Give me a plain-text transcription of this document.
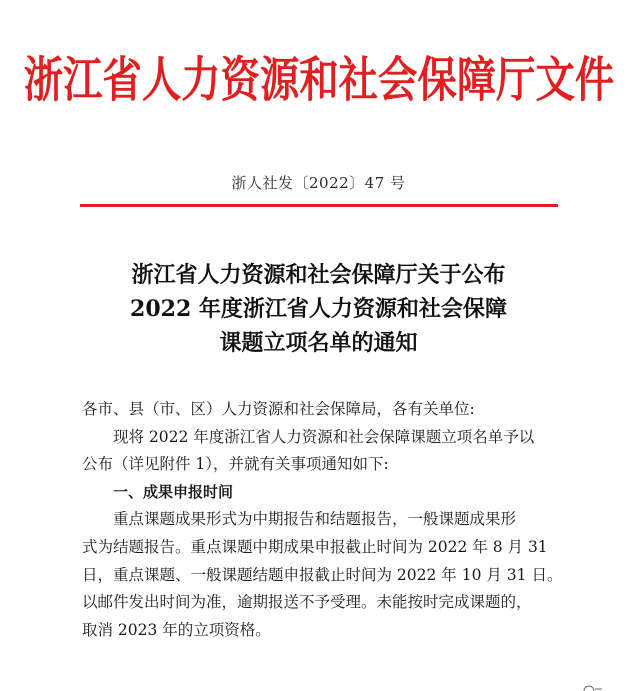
浙江省人力资源和社会保障厅文件
浙人社发〔2022〕47 号
浙江省人力资源和社会保障厅关于公布
2022 年度浙江省人力资源和社会保障
课题立项名单的通知
各市、县（市、区）人力资源和社会保障局，各有关单位:
现将 2022 年度浙江省人力资源和社会保障课题立项名单予以
公布（详见附件 1），并就有关事项通知如下:
一、成果申报时间
重点课题成果形式为中期报告和结题报告，一般课题成果形
式为结题报告。重点课题中期成果申报截止时间为 2022 年 8 月 31
日，重点课题、一般课题结题申报截止时间为 2022 年 10 月 31 日。
以邮件发出时间为准，逾期报送不予受理。未能按时完成课题的，
取消 2023 年的立项资格。
